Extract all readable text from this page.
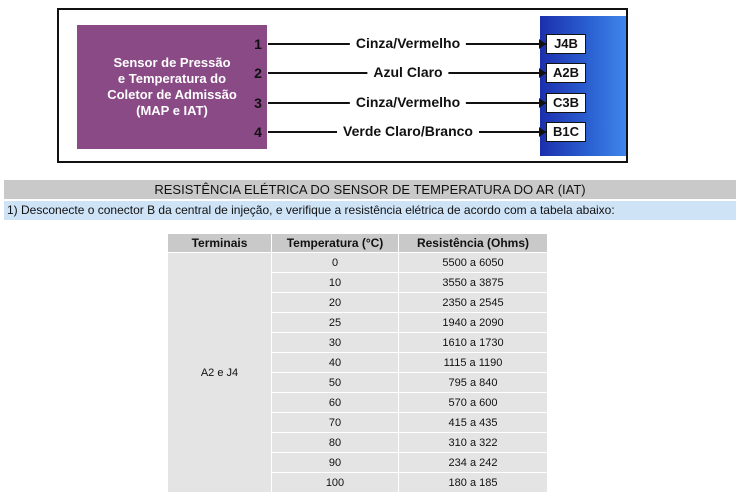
Sensor de Pressão
e Temperatura do
Coletor de Admissão
(MAP e IAT)
1	Cinza/Vermelho	J4B
2	Azul Claro	A2B
3	Cinza/Vermelho	C3B
4	Verde Claro/Branco	B1C
RESISTÊNCIA ELÉTRICA DO SENSOR DE TEMPERATURA DO AR (IAT)
1) Desconecte o conector B da central de injeção, e verifique a resistência elétrica de acordo com a tabela abaixo:
Terminais	Temperatura (°C)	Resistência (Ohms)
A2 e J4	0	5500 a 6050
	10	3550 a 3875
	20	2350 a 2545
	25	1940 a 2090
	30	1610 a 1730
	40	1115 a 1190
	50	795 a 840
	60	570 a 600
	70	415 a 435
	80	310 a 322
	90	234 a 242
	100	180 a 185
